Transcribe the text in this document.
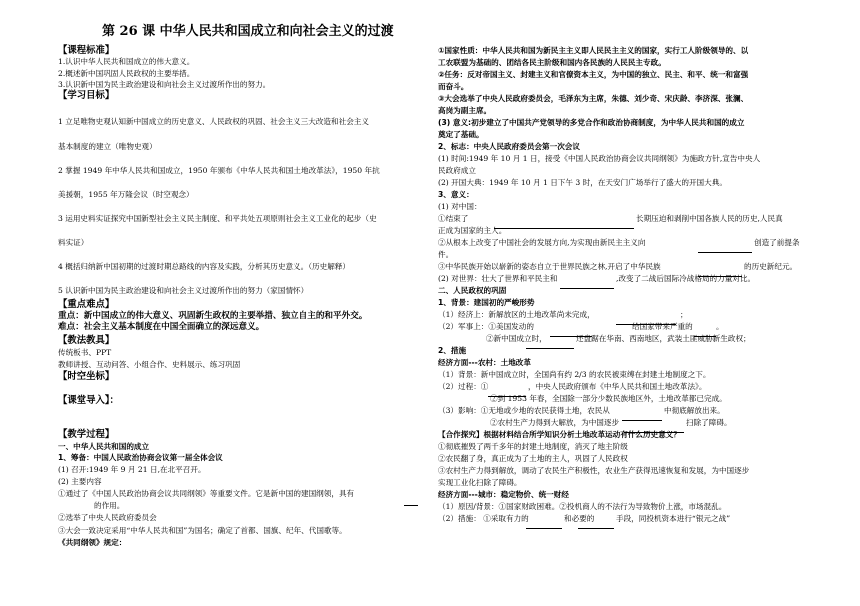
第 26 课 中华人民共和国成立和向社会主义的过渡
【课程标准】
1.认识中华人民共和国成立的伟大意义。
2.概述新中国巩固人民政权的主要举措。
3.认识新中国为民主政治建设和向社会主义过渡所作出的努力。
【学习目标】
1 立足唯物史观认知新中国成立的历史意义、人民政权的巩固、社会主义三大改造和社会主义
基本制度的建立（唯物史观）
2 掌握 1949 年中华人民共和国成立，1950 年颁布《中华人民共和国土地改革法》，1950 年抗
美援朝，1955 年万隆会议（时空观念）
3 运用史料实证探究中国新型社会主义民主制度、和平共处五项原则社会主义工业化的起步（史
料实证）
4 概括归纳新中国初期的过渡时期总路线的内容及实践，分析其历史意义。（历史解释）
5 认识新中国为民主政治建设和向社会主义过渡所作出的努力（家国情怀）
【重点难点】
重点：新中国成立的伟大意义、巩固新生政权的主要举措、独立自主的和平外交。
难点：社会主义基本制度在中国全面确立的深远意义。
【教法教具】
传统板书、PPT
教师讲授、互动问答、小组合作、史料展示、练习巩固
【时空坐标】
【课堂导入】：
【教学过程】
一、中华人民共和国的成立
1、筹备：中国人民政治协商会议第一届全体会议
(1) 召开:1949 年 9 月 21 日,在北平召开。
(2) 主要内容
①通过了《中国人民政治协商会议共同纲领》等重要文件。它是新中国的建国纲领，具有
的作用。
②选举了中央人民政府委员会
③大会一致决定采用“中华人民共和国”为国名；确定了首都、国旗、纪年、代国歌等。
《共同纲领》规定：
①国家性质：中华人民共和国为新民主主义即人民民主主义的国家，实行工人阶级领导的、以
工农联盟为基础的、团结各民主阶级和国内各民族的人民民主专政。
②任务：反对帝国主义、封建主义和官僚资本主义，为中国的独立、民主、和平、统一和富强
而奋斗。
③大会选举了中央人民政府委员会，毛泽东为主席，朱德、刘少奇、宋庆龄、李济深、张澜、
高岗为副主席。
(3) 意义:初步建立了中国共产党领导的多党合作和政治协商制度，为中华人民共和国的成立
奠定了基础。
2、标志：中央人民政府委员会第一次会议
(1) 时间:1949 年 10 月 1 日，接受《中国人民政治协商会议共同纲领》为施政方针,宣告中央人
民政府成立
(2) 开国大典：1949 年 10 月 1 日下午 3 时，在天安门广场举行了盛大的开国大典。
3、意义：
(1) 对中国：
①结束了	长期压迫和剥削中国各族人民的历史,人民真
正成为国家的主人。
②从根本上改变了中国社会的发展方向,为实现由新民主主义向	创造了前提条
件。
③中华民族开始以崭新的姿态自立于世界民族之林,开启了中华民族	的历史新纪元。
(2) 对世界：壮大了世界和平民主和	,改变了二战后国际冷战格局的力量对比。
二、人民政权的巩固
1、背景：建国初的严峻形势
（1）经济上：新解放区的土地改革尚未完成，	；
（2）军事上：①美国发动的	给国家带来严重的	。
②新中国成立时，	还盘踞在华南、西南地区，武装土匪威胁新生政权；
2、措施
经济方面---农村：土地改革
（1）背景：新中国成立时，全国尚有约 2/3 的农民被束缚在封建土地制度之下。
（2）过程：①	，中央人民政府颁布《中华人民共和国土地改革法》。
②到 1953 年春，全国除一部分少数民族地区外，土地改革都已完成。
（3）影响：①无地或少地的农民获得土地，农民从	中彻底解放出来。
②农村生产力得到大解放，为中国逐步	扫除了障碍。
【合作探究】根据材料结合所学知识分析土地改革运动有什么历史意义？
①彻底摧毁了两千多年的封建土地制度，消灭了地主阶级
②农民翻了身，真正成为了土地的主人，巩固了人民政权
③农村生产力得到解放，调动了农民生产积极性，农业生产获得迅速恢复和发展，为中国逐步
实现工业化扫除了障碍。
经济方面---城市：稳定物价、统一财经
（1）原因/背景：①国家财政困难。②投机商人的不法行为导致物价上涨，市场混乱。
（2）措施： ①采取有力的	和必要的	手段，同投机资本进行“银元之战”
